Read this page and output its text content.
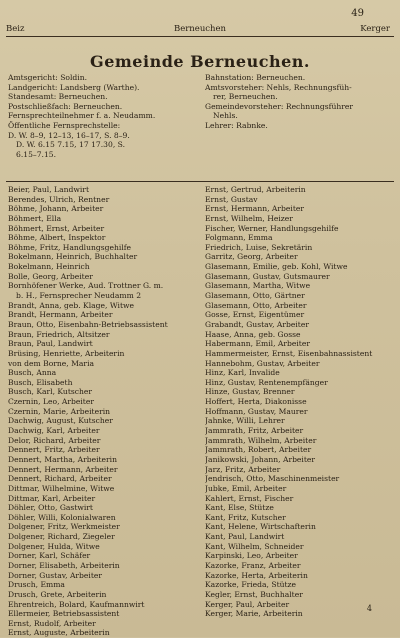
49
Beiz	Berneuchen	Kerger
Gemeinde Berneuchen.
Amtsgericht: Soldin.
Landgericht: Landsberg (Warthe).
Standesamt: Berneuchen.
Postschließfach: Berneuchen.
Fernsprechteilnehmer f. a. Neudamm.
Öffentliche Fernsprechstelle:
D. W. 8–9, 12–13, 16–17, S. 8–9.
D. W. 6.15 7.15, 17 17.30, S.
6.15–7.15.
Bahnstation: Berneuchen.
Amtsvorsteher: Nehls, Rechnungsfüh-
rer, Berneuchen.
Gemeindevorsteher: Rechnungsführer
Nehls.
Lehrer: Rabnke.
Beier, Paul, Landwirt
Berendes, Ulrich, Rentner
Böhme, Johann, Arbeiter
Böhmert, Ella
Böhmert, Ernst, Arbeiter
Böhme, Albert, Inspektor
Böhme, Fritz, Handlungsgehilfe
Bokelmann, Heinrich, Buchhalter
Bokelmann, Heinrich
Bolle, Georg, Arbeiter
Bornhöfener Werke, Aud. Trottner G. m.
b. H., Fernsprecher Neudamm 2
Brandt, Anna, geb. Klage, Witwe
Brandt, Hermann, Arbeiter
Braun, Otto, Eisenbahn-Betriebsassistent
Braun, Friedrich, Altsitzer
Braun, Paul, Landwirt
Brüsing, Henriette, Arbeiterin
von dem Borne, Maria
Busch, Anna
Busch, Elisabeth
Busch, Karl, Kutscher
Czernin, Leo, Arbeiter
Czernin, Marie, Arbeiterin
Dachwig, August, Kutscher
Dachwig, Karl, Arbeiter
Delor, Richard, Arbeiter
Dennert, Fritz, Arbeiter
Dennert, Martha, Arbeiterin
Dennert, Hermann, Arbeiter
Dennert, Richard, Arbeiter
Dittmar, Wilhelmine, Witwe
Dittmar, Karl, Arbeiter
Döhler, Otto, Gastwirt
Döhler, Willi, Kolonialwaren
Dolgener, Fritz, Werkmeister
Dolgener, Richard, Ziegeler
Dolgener, Hulda, Witwe
Dorner, Karl, Schäfer
Dorner, Elisabeth, Arbeiterin
Dorner, Gustav, Arbeiter
Drusch, Emma
Drusch, Grete, Arbeiterin
Ehrentreich, Bolard, Kaufmannwirt
Ellermeier, Betriebsassistent
Ernst, Rudolf, Arbeiter
Ernst, Auguste, Arbeiterin
Ernst, Gertrud, Arbeiterin
Ernst, Gustav
Ernst, Hermann, Arbeiter
Ernst, Wilhelm, Heizer
Fischer, Werner, Handlungsgehilfe
Folgmann, Emma
Friedrich, Luise, Sekretärin
Garritz, Georg, Arbeiter
Glasemann, Emilie, geb. Kohl, Witwe
Glasemann, Gustav, Gutsmaurer
Glasemann, Martha, Witwe
Glasemann, Otto, Gärtner
Glasemann, Otto, Arbeiter
Gosse, Ernst, Eigentümer
Grabandt, Gustav, Arbeiter
Haase, Anna, geb. Gosse
Habermann, Emil, Arbeiter
Hammermeister, Ernst, Eisenbahnassistent
Hannebohm, Gustav, Arbeiter
Hinz, Karl, Invalide
Hinz, Gustav, Rentenempfänger
Hinze, Gustav, Brenner
Hoffert, Herta, Diakonisse
Hoffmann, Gustav, Maurer
Jahnke, Willi, Lehrer
Jammrath, Fritz, Arbeiter
Jammrath, Wilhelm, Arbeiter
Jammrath, Robert, Arbeiter
Janikowski, Johann, Arbeiter
Jarz, Fritz, Arbeiter
Jendrisch, Otto, Maschinenmeister
Jubke, Emil, Arbeiter
Kahlert, Ernst, Fischer
Kant, Else, Stütze
Kant, Fritz, Kutscher
Kant, Helene, Wirtschafterin
Kant, Paul, Landwirt
Kant, Wilhelm, Schneider
Karpinski, Leo, Arbeiter
Kazorke, Franz, Arbeiter
Kazorke, Herta, Arbeiterin
Kazorke, Frieda, Stütze
Kegler, Ernst, Buchhalter
Kerger, Paul, Arbeiter
Kerger, Marie, Arbeiterin
4
